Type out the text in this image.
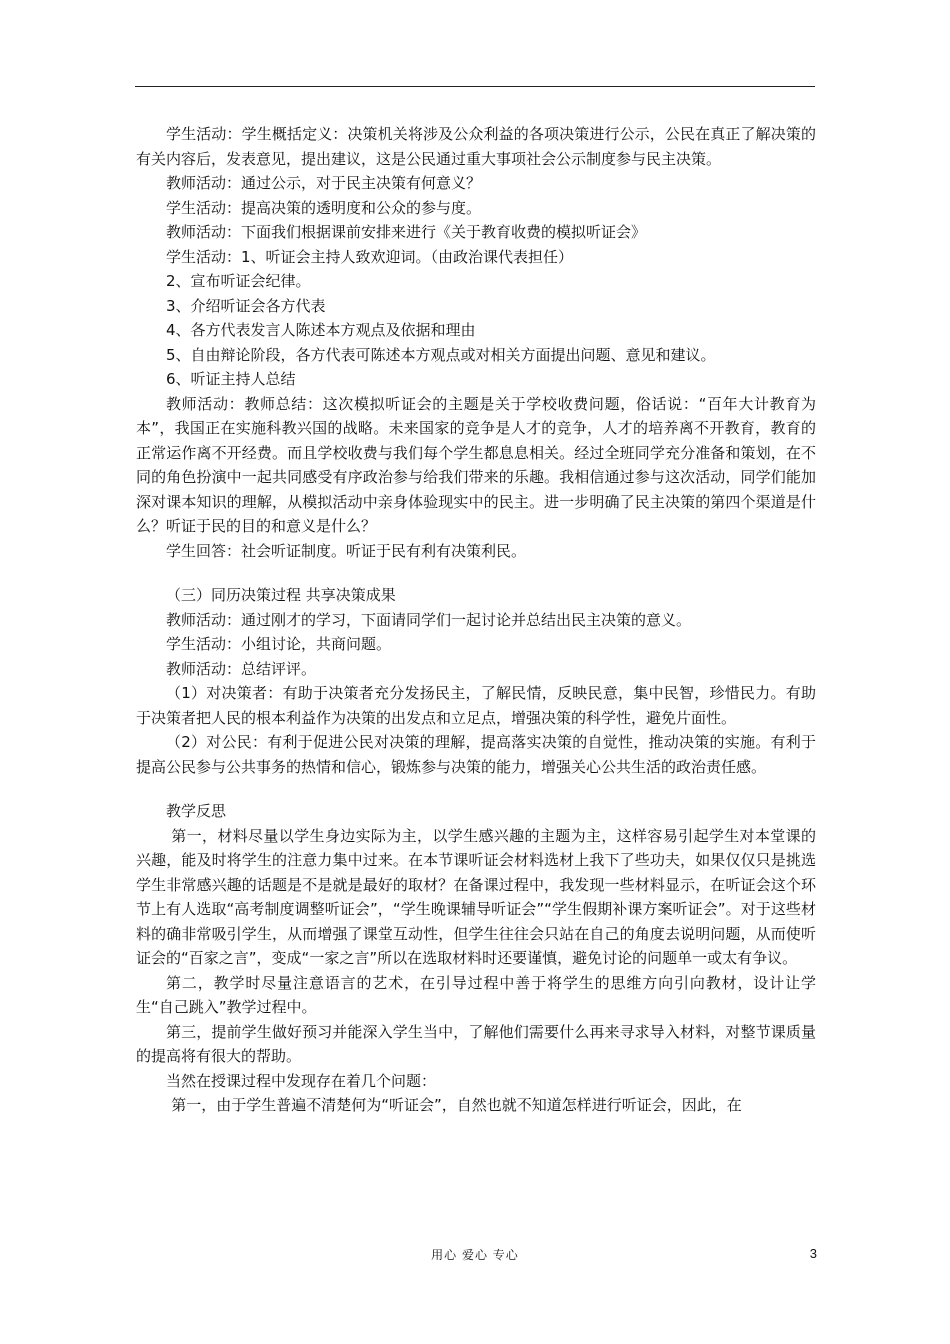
学生活动：学生概括定义：决策机关将涉及公众利益的各项决策进行公示，公民在真正了解决策的有关内容后，发表意见，提出建议，这是公民通过重大事项社会公示制度参与民主决策。

教师活动：通过公示，对于民主决策有何意义？

学生活动：提高决策的透明度和公众的参与度。

教师活动：下面我们根据课前安排来进行《关于教育收费的模拟听证会》

学生活动：1、听证会主持人致欢迎词。（由政治课代表担任）

2、宣布听证会纪律。

3、介绍听证会各方代表

4、各方代表发言人陈述本方观点及依据和理由

5、自由辩论阶段，各方代表可陈述本方观点或对相关方面提出问题、意见和建议。

6、听证主持人总结

教师活动：教师总结：这次模拟听证会的主题是关于学校收费问题，俗话说：“百年大计教育为本”，我国正在实施科教兴国的战略。未来国家的竞争是人才的竞争，人才的培养离不开教育，教育的正常运作离不开经费。而且学校收费与我们每个学生都息息相关。经过全班同学充分准备和策划，在不同的角色扮演中一起共同感受有序政治参与给我们带来的乐趣。我相信通过参与这次活动，同学们能加深对课本知识的理解，从模拟活动中亲身体验现实中的民主。进一步明确了民主决策的第四个渠道是什么？听证于民的目的和意义是什么？

学生回答：社会听证制度。听证于民有利有决策利民。

（三）同历决策过程 共享决策成果

教师活动：通过刚才的学习，下面请同学们一起讨论并总结出民主决策的意义。

学生活动：小组讨论，共商问题。

教师活动：总结评评。

（1）对决策者：有助于决策者充分发扬民主，了解民情，反映民意，集中民智，珍惜民力。有助于决策者把人民的根本利益作为决策的出发点和立足点，增强决策的科学性，避免片面性。

（2）对公民：有利于促进公民对决策的理解，提高落实决策的自觉性，推动决策的实施。有利于提高公民参与公共事务的热情和信心，锻炼参与决策的能力，增强关心公共生活的政治责任感。

教学反思

第一，材料尽量以学生身边实际为主，以学生感兴趣的主题为主，这样容易引起学生对本堂课的兴趣，能及时将学生的注意力集中过来。在本节课听证会材料选材上我下了些功夫，如果仅仅只是挑选学生非常感兴趣的话题是不是就是最好的取材？在备课过程中，我发现一些材料显示，在听证会这个环节上有人选取“高考制度调整听证会”，“学生晚课辅导听证会”“学生假期补课方案听证会”。对于这些材料的确非常吸引学生，从而增强了课堂互动性，但学生往往会只站在自己的角度去说明问题，从而使听证会的“百家之言”，变成“一家之言”所以在选取材料时还要谨慎，避免讨论的问题单一或太有争议。

第二，教学时尽量注意语言的艺术，在引导过程中善于将学生的思维方向引向教材，设计让学生“自己跳入”教学过程中。

第三，提前学生做好预习并能深入学生当中，了解他们需要什么再来寻求导入材料，对整节课质量的提高将有很大的帮助。

当然在授课过程中发现存在着几个问题：

第一，由于学生普遍不清楚何为“听证会”，自然也就不知道怎样进行听证会，因此，在

用心 爱心 专心	3
